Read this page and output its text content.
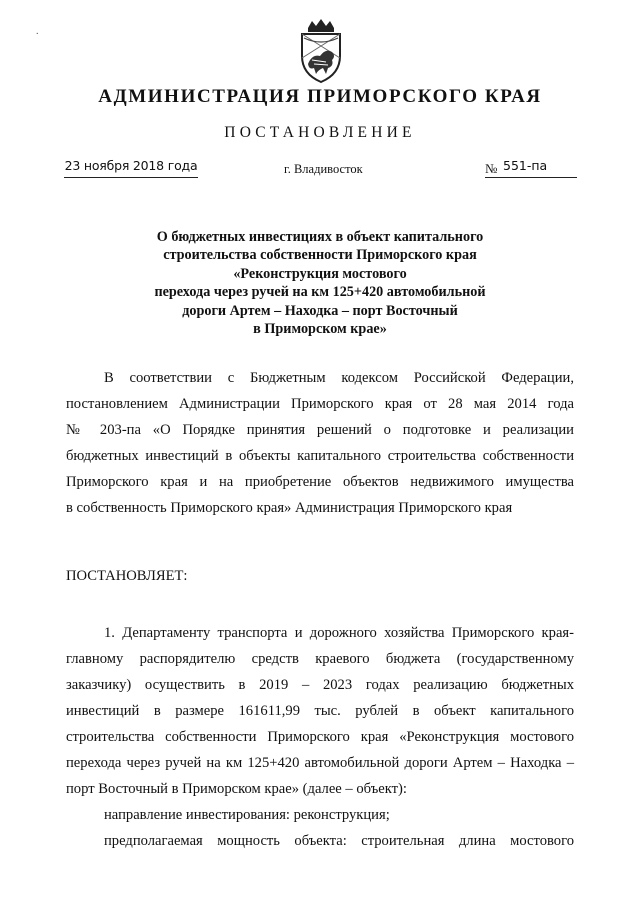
.
АДМИНИСТРАЦИЯ ПРИМОРСКОГО КРАЯ
ПОСТАНОВЛЕНИЕ
23 ноября 2018 года	г. Владивосток	№ 551-па
О бюджетных инвестициях в объект капитального
строительства собственности Приморского края
«Реконструкция мостового
перехода через ручей на км 125+420 автомобильной
дороги Артем – Находка – порт Восточный
в Приморском крае»
В соответствии с Бюджетным кодексом Российской Федерации,
постановлением Администрации Приморского края от 28 мая 2014 года
№ 203-па «О Порядке принятия решений о подготовке и реализации
бюджетных инвестиций в объекты капитального строительства собственности
Приморского края и на приобретение объектов недвижимого имущества
в собственность Приморского края» Администрация Приморского края
ПОСТАНОВЛЯЕТ:
1. Департаменту транспорта и дорожного хозяйства Приморского края-
главному распорядителю средств краевого бюджета (государственному
заказчику) осуществить в 2019 – 2023 годах реализацию бюджетных
инвестиций в размере 161611,99 тыс. рублей в объект капитального
строительства собственности Приморского края «Реконструкция мостового
перехода через ручей на км 125+420 автомобильной дороги Артем – Находка –
порт Восточный в Приморском крае» (далее – объект):
направление инвестирования: реконструкция;
предполагаемая мощность объекта: строительная длина мостового
